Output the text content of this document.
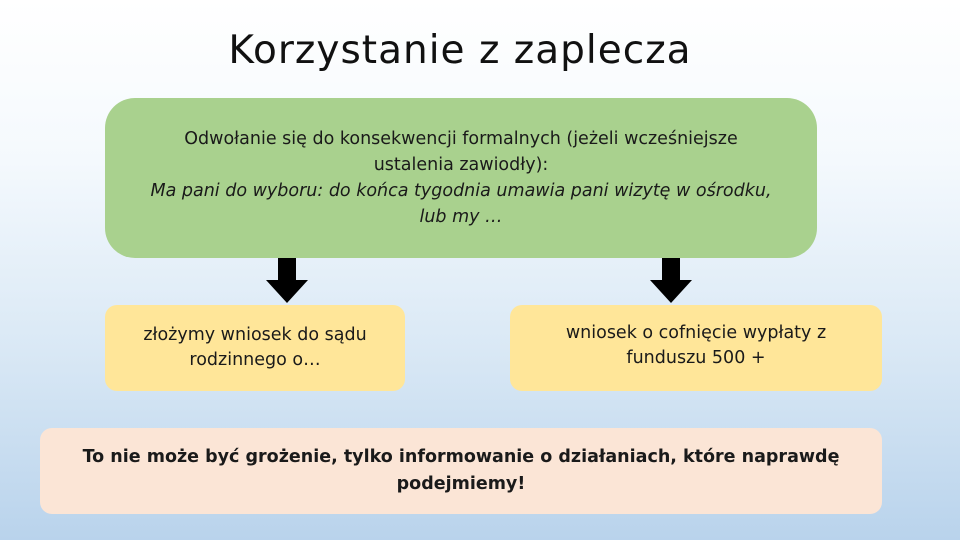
Korzystanie z zaplecza
Odwołanie się do konsekwencji formalnych (jeżeli wcześniejsze ustalenia zawiodły):
Ma pani do wyboru: do końca tygodnia umawia pani wizytę w ośrodku, lub my …
złożymy wniosek do sądu rodzinnego o…
wniosek o cofnięcie wypłaty z funduszu 500 +
To nie może być grożenie, tylko informowanie o działaniach, które naprawdę podejmiemy!
